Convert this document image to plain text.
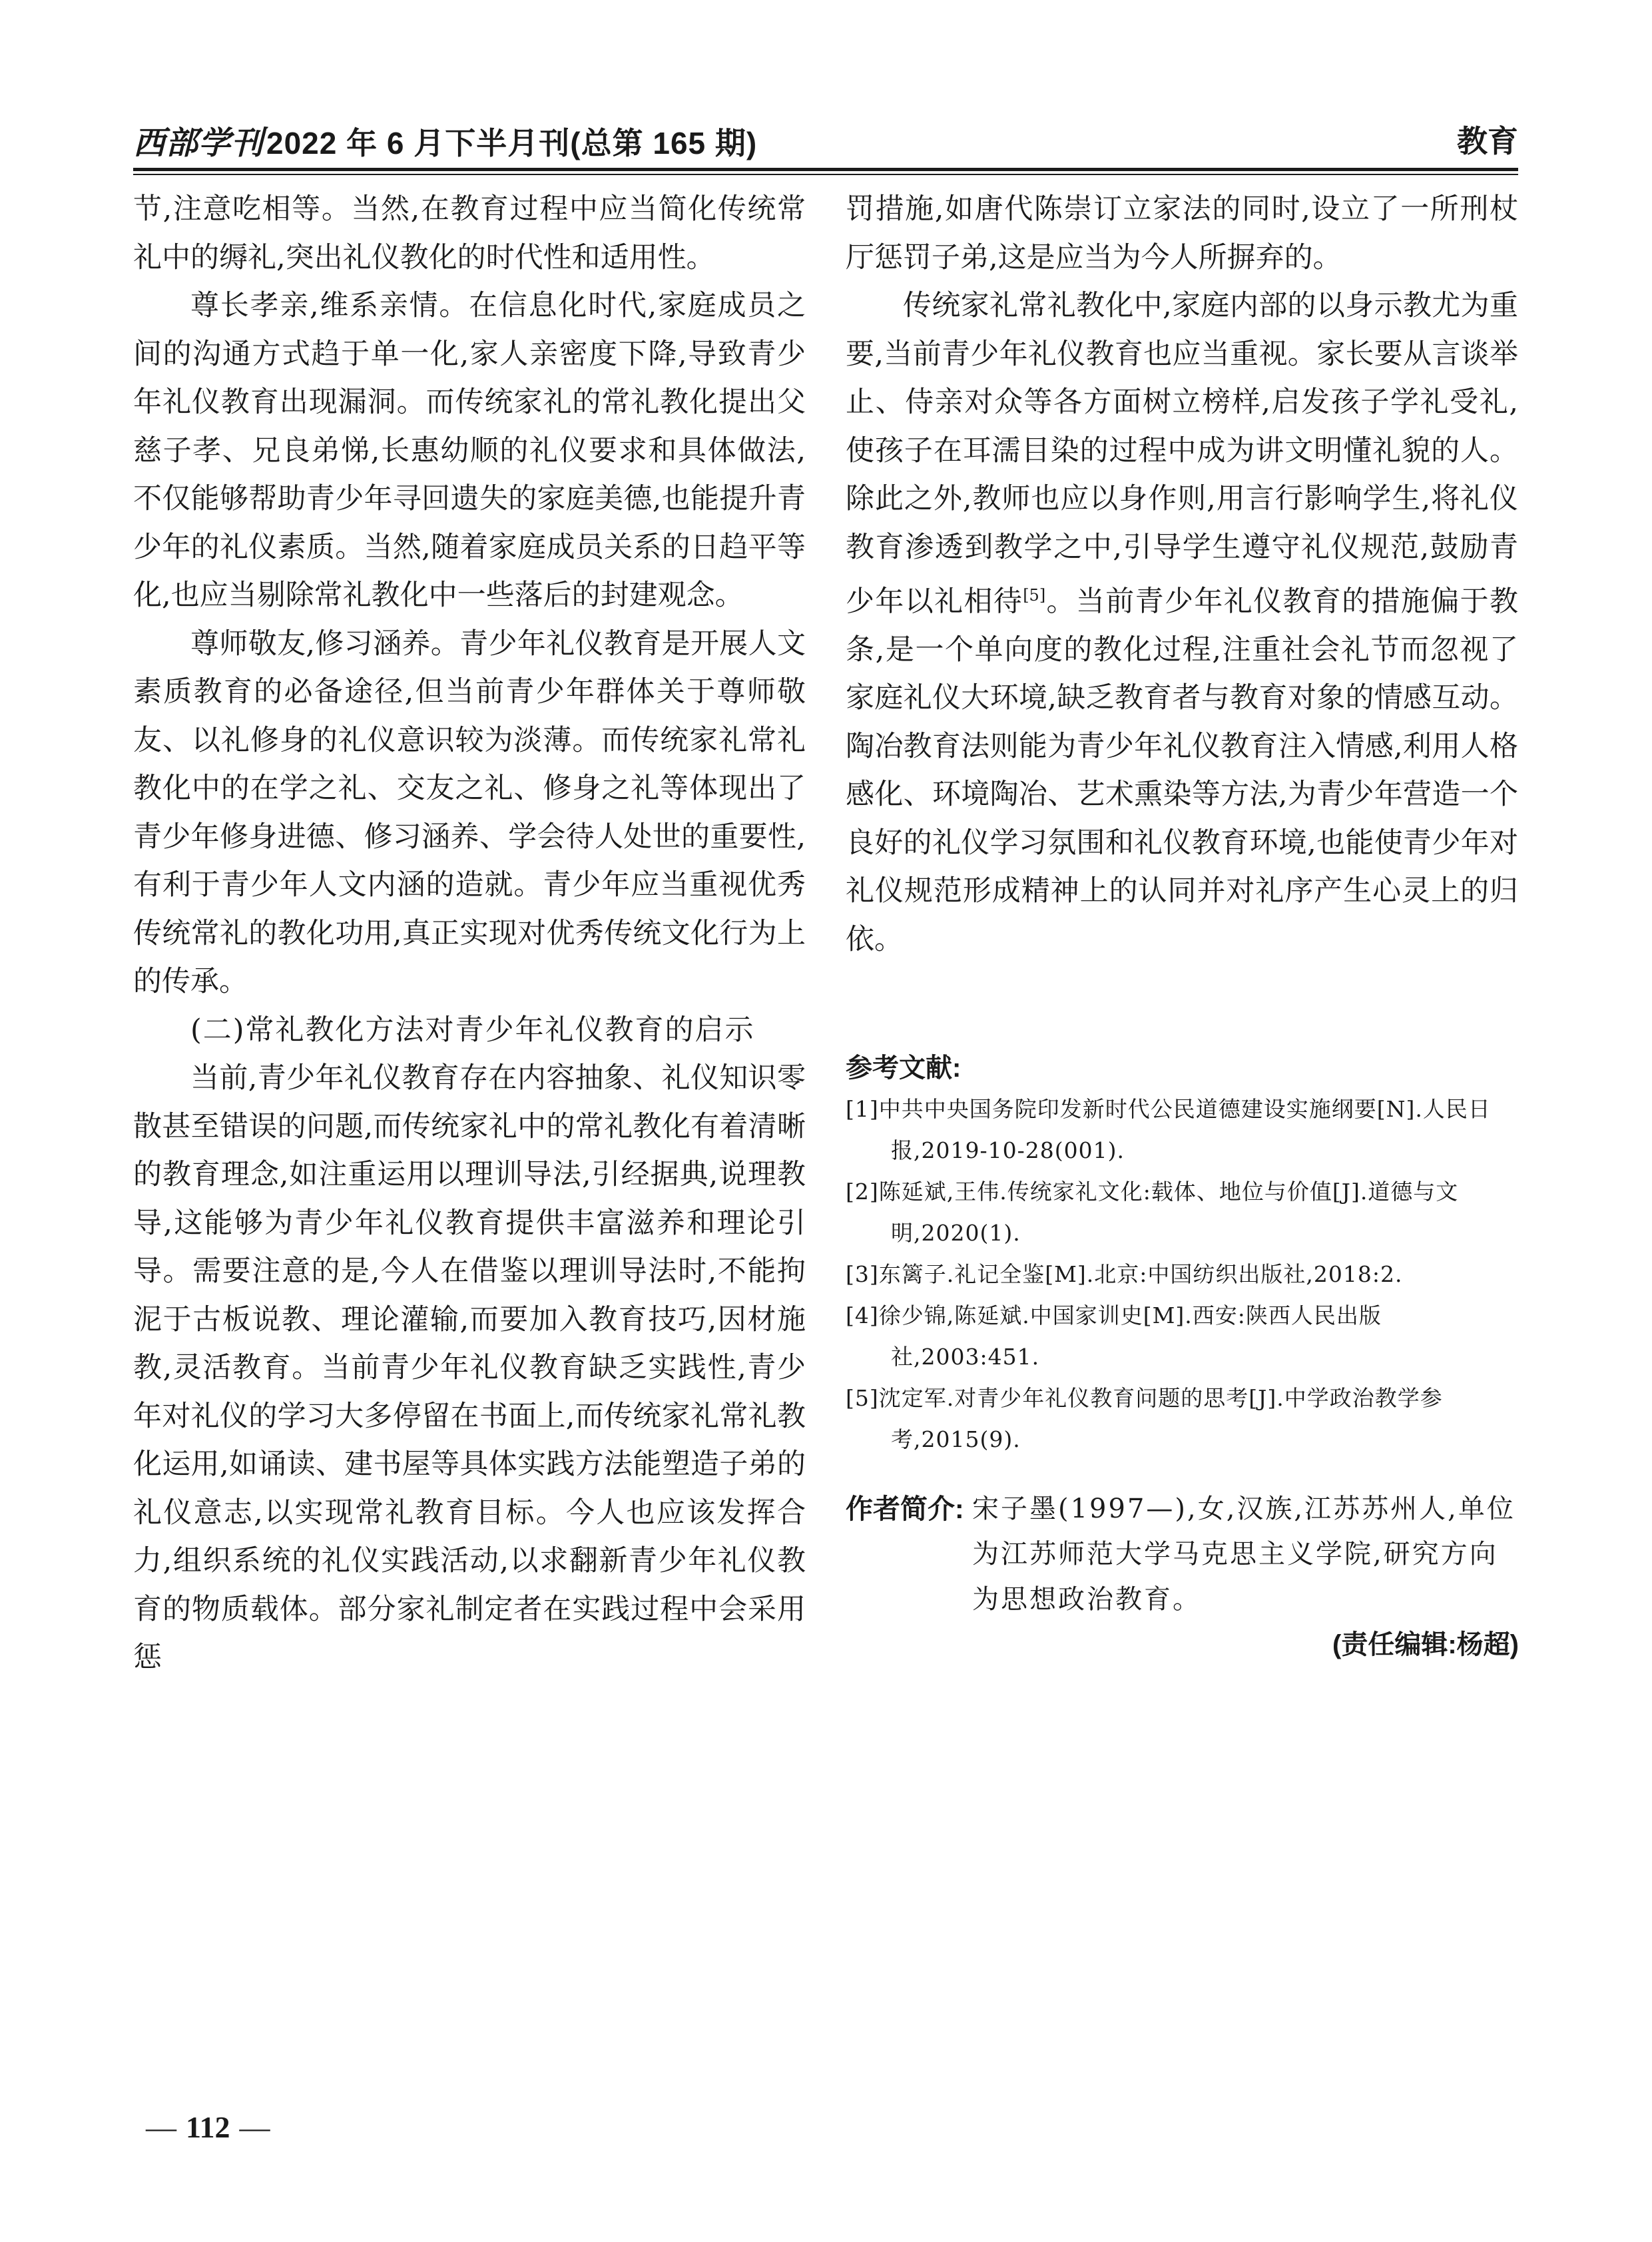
西部学刊2022 年 6 月下半月刊(总第 165 期)	教育

节,注意吃相等。当然,在教育过程中应当简化传统常礼中的缛礼,突出礼仪教化的时代性和适用性。

尊长孝亲,维系亲情。在信息化时代,家庭成员之间的沟通方式趋于单一化,家人亲密度下降,导致青少年礼仪教育出现漏洞。而传统家礼的常礼教化提出父慈子孝、兄良弟悌,长惠幼顺的礼仪要求和具体做法,不仅能够帮助青少年寻回遗失的家庭美德,也能提升青少年的礼仪素质。当然,随着家庭成员关系的日趋平等化,也应当剔除常礼教化中一些落后的封建观念。

尊师敬友,修习涵养。青少年礼仪教育是开展人文素质教育的必备途径,但当前青少年群体关于尊师敬友、以礼修身的礼仪意识较为淡薄。而传统家礼常礼教化中的在学之礼、交友之礼、修身之礼等体现出了青少年修身进德、修习涵养、学会待人处世的重要性,有利于青少年人文内涵的造就。青少年应当重视优秀传统常礼的教化功用,真正实现对优秀传统文化行为上的传承。

(二)常礼教化方法对青少年礼仪教育的启示

当前,青少年礼仪教育存在内容抽象、礼仪知识零散甚至错误的问题,而传统家礼中的常礼教化有着清晰的教育理念,如注重运用以理训导法,引经据典,说理教导,这能够为青少年礼仪教育提供丰富滋养和理论引导。需要注意的是,今人在借鉴以理训导法时,不能拘泥于古板说教、理论灌输,而要加入教育技巧,因材施教,灵活教育。当前青少年礼仪教育缺乏实践性,青少年对礼仪的学习大多停留在书面上,而传统家礼常礼教化运用,如诵读、建书屋等具体实践方法能塑造子弟的礼仪意志,以实现常礼教育目标。今人也应该发挥合力,组织系统的礼仪实践活动,以求翻新青少年礼仪教育的物质载体。部分家礼制定者在实践过程中会采用惩

罚措施,如唐代陈崇订立家法的同时,设立了一所刑杖厅惩罚子弟,这是应当为今人所摒弃的。

传统家礼常礼教化中,家庭内部的以身示教尤为重要,当前青少年礼仪教育也应当重视。家长要从言谈举止、侍亲对众等各方面树立榜样,启发孩子学礼受礼,使孩子在耳濡目染的过程中成为讲文明懂礼貌的人。除此之外,教师也应以身作则,用言行影响学生,将礼仪教育渗透到教学之中,引导学生遵守礼仪规范,鼓励青少年以礼相待[5]。当前青少年礼仪教育的措施偏于教条,是一个单向度的教化过程,注重社会礼节而忽视了家庭礼仪大环境,缺乏教育者与教育对象的情感互动。陶冶教育法则能为青少年礼仪教育注入情感,利用人格感化、环境陶冶、艺术熏染等方法,为青少年营造一个良好的礼仪学习氛围和礼仪教育环境,也能使青少年对礼仪规范形成精神上的认同并对礼序产生心灵上的归依。

参考文献:
[1]中共中央国务院印发新时代公民道德建设实施纲要[N].人民日报,2019-10-28(001).
[2]陈延斌,王伟.传统家礼文化:载体、地位与价值[J].道德与文明,2020(1).
[3]东篱子.礼记全鉴[M].北京:中国纺织出版社,2018:2.
[4]徐少锦,陈延斌.中国家训史[M].西安:陕西人民出版社,2003:451.
[5]沈定军.对青少年礼仪教育问题的思考[J].中学政治教学参考,2015(9).
作者简介: 宋子墨(1997—),女,汉族,江苏苏州人,单位为江苏师范大学马克思主义学院,研究方向为思想政治教育。
(责任编辑:杨超)
— 112 —
